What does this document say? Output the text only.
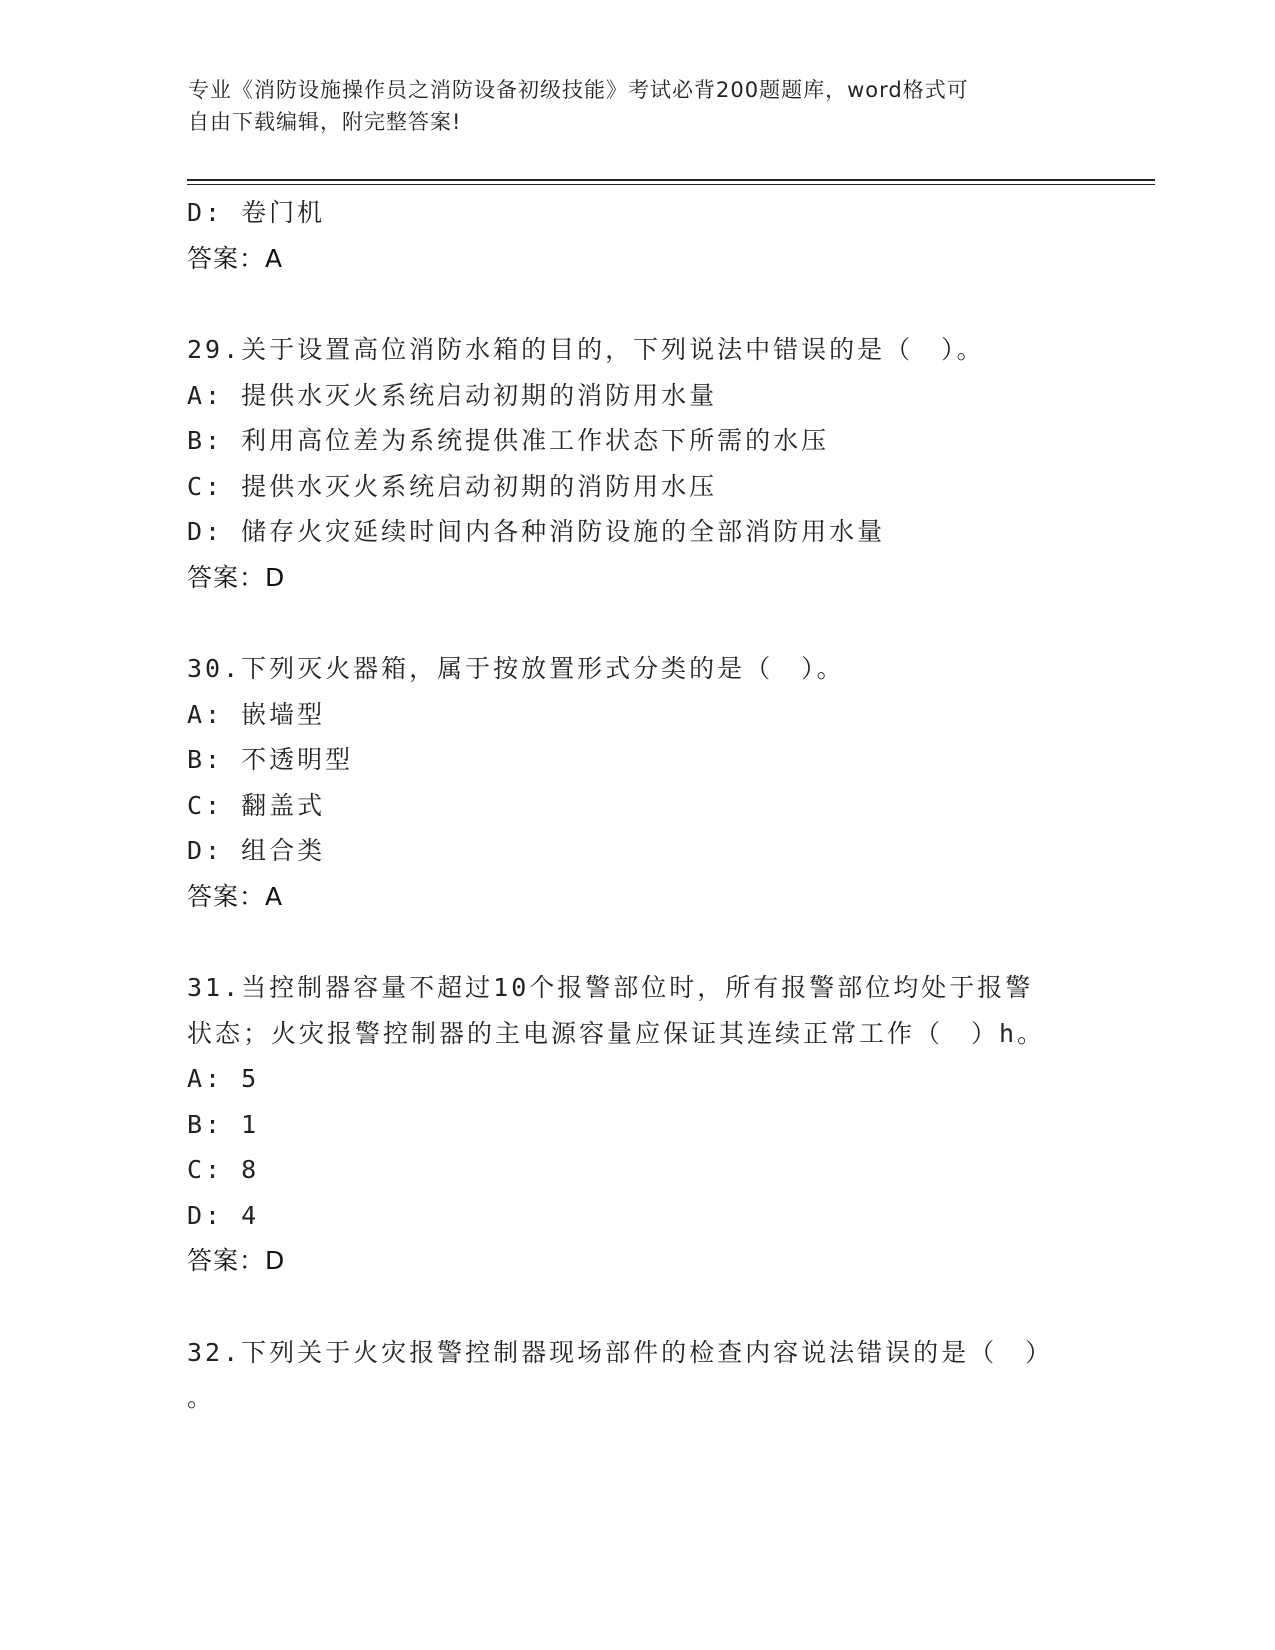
专业《消防设施操作员之消防设备初级技能》考试必背200题题库，word格式可
自由下载编辑，附完整答案!
D: 卷门机
答案：A
29.关于设置高位消防水箱的目的，下列说法中错误的是（　）。
A: 提供水灭火系统启动初期的消防用水量
B: 利用高位差为系统提供准工作状态下所需的水压
C: 提供水灭火系统启动初期的消防用水压
D: 储存火灾延续时间内各种消防设施的全部消防用水量
答案：D
30.下列灭火器箱，属于按放置形式分类的是（　）。
A: 嵌墙型
B: 不透明型
C: 翻盖式
D: 组合类
答案：A
31.当控制器容量不超过10个报警部位时，所有报警部位均处于报警
状态；火灾报警控制器的主电源容量应保证其连续正常工作（　）h。
A: 5
B: 1
C: 8
D: 4
答案：D
32.下列关于火灾报警控制器现场部件的检查内容说法错误的是（　）
。
